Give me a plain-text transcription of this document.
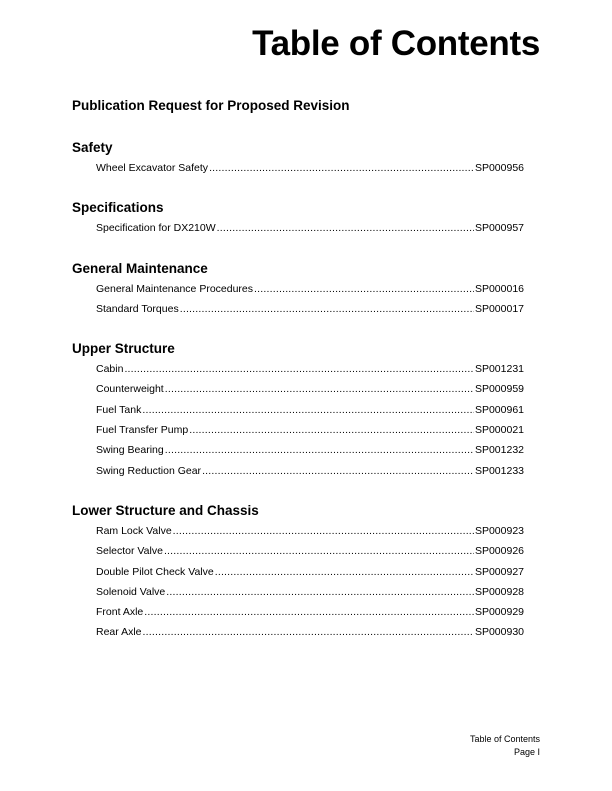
Table of Contents
Publication Request for Proposed Revision
Safety
Wheel Excavator Safety .....	SP000956
Specifications
Specification for DX210W .....	SP000957
General Maintenance
General Maintenance Procedures .....	SP000016
Standard Torques .....	SP000017
Upper Structure
Cabin .....	SP001231
Counterweight .....	SP000959
Fuel Tank .....	SP000961
Fuel Transfer Pump .....	SP000021
Swing Bearing .....	SP001232
Swing Reduction Gear .....	SP001233
Lower Structure and Chassis
Ram Lock Valve .....	SP000923
Selector Valve .....	SP000926
Double Pilot Check Valve .....	SP000927
Solenoid Valve .....	SP000928
Front Axle .....	SP000929
Rear Axle .....	SP000930
Table of Contents
Page I
